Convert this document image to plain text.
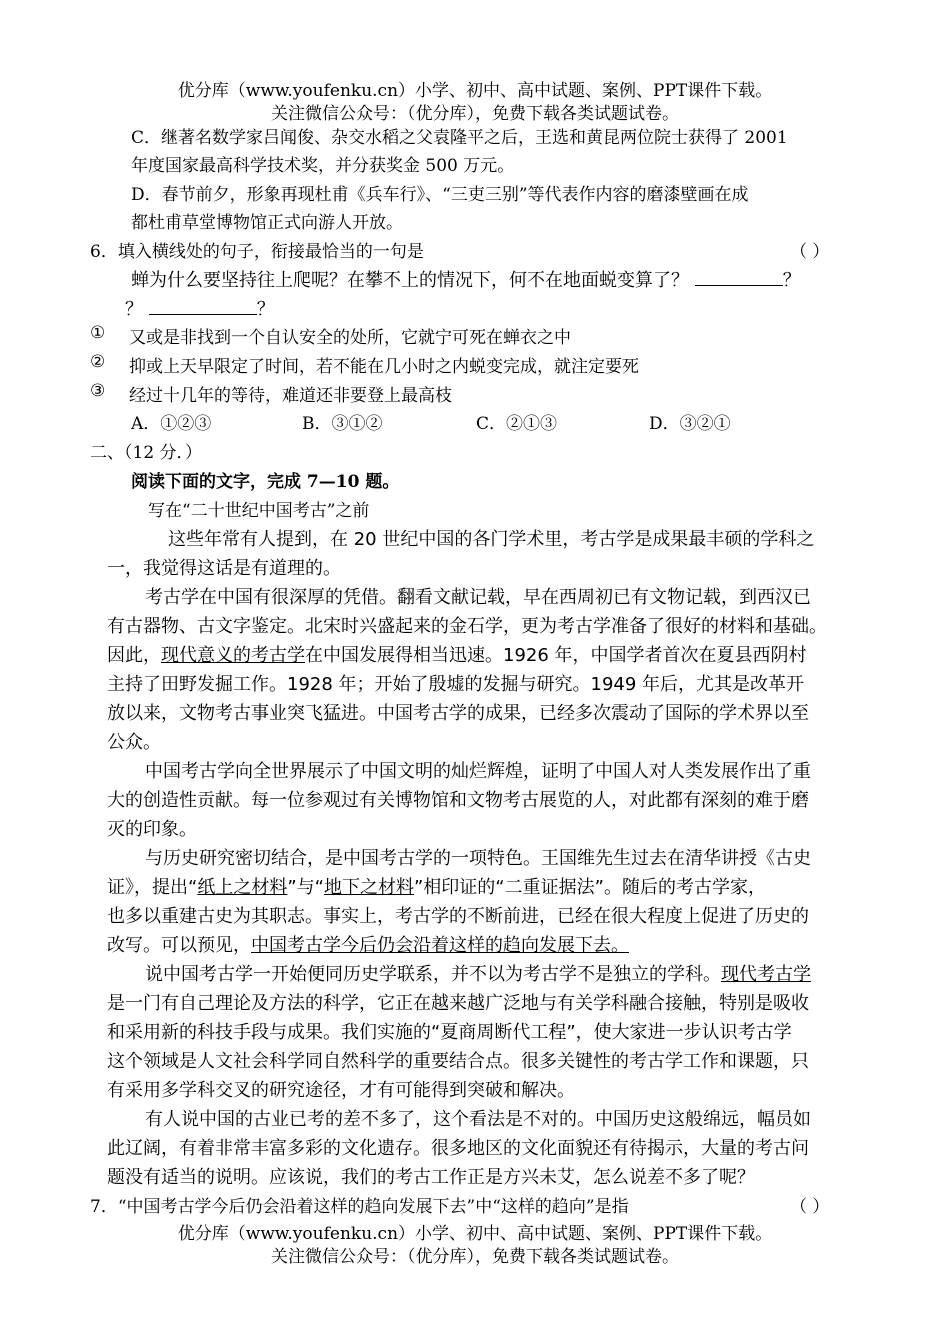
优分库（www.youfenku.cn）小学、初中、高中试题、案例、PPT课件下载。
关注微信公众号：（优分库），免费下载各类试题试卷。
C．继著名数学家吕闻俊、杂交水稻之父袁隆平之后，王选和黄昆两位院士获得了 2001
年度国家最高科学技术奖，并分获奖金 500 万元。
D．春节前夕，形象再现杜甫《兵车行》、“三吏三别”等代表作内容的磨漆壁画在成
都杜甫草堂博物馆正式向游人开放。
6．填入横线处的句子，衔接最恰当的一句是	（ ）
蝉为什么要坚持往上爬呢？在攀不上的情况下，何不在地面蜕变算了？	？
？	？
① 又或是非找到一个自认安全的处所，它就宁可死在蝉衣之中
② 抑或上天早限定了时间，若不能在几小时之内蜕变完成，就注定要死
③ 经过十几年的等待，难道还非要登上最高枝
A．①②③	B．③①②	C．②①③	D．③②①
二、（12 分．）
阅读下面的文字，完成 7—10 题。
写在“二十世纪中国考古”之前
这些年常有人提到，在 20 世纪中国的各门学术里，考古学是成果最丰硕的学科之
一，我觉得这话是有道理的。
考古学在中国有很深厚的凭借。翻看文献记载，早在西周初已有文物记载，到西汉已
有古器物、古文字鉴定。北宋时兴盛起来的金石学，更为考古学准备了很好的材料和基础。
因此，现代意义的考古学在中国发展得相当迅速。1926 年，中国学者首次在夏县西阴村
主持了田野发掘工作。1928 年；开始了殷墟的发掘与研究。1949 年后，尤其是改革开
放以来，文物考古事业突飞猛进。中国考古学的成果，已经多次震动了国际的学术界以至
公众。
中国考古学向全世界展示了中国文明的灿烂辉煌，证明了中国人对人类发展作出了重
大的创造性贡献。每一位参观过有关博物馆和文物考古展览的人，对此都有深刻的难于磨
灭的印象。
与历史研究密切结合，是中国考古学的一项特色。王国维先生过去在清华讲授《古史
证》，提出“纸上之材料”与“地下之材料”相印证的“二重证据法”。随后的考古学家，
也多以重建古史为其职志。事实上，考古学的不断前进，已经在很大程度上促进了历史的
改写。可以预见，中国考古学今后仍会沿着这样的趋向发展下去。
说中国考古学一开始便同历史学联系，并不以为考古学不是独立的学科。现代考古学
是一门有自己理论及方法的科学，它正在越来越广泛地与有关学科融合接触，特别是吸收
和采用新的科技手段与成果。我们实施的“夏商周断代工程”，使大家进一步认识考古学
这个领域是人文社会科学同自然科学的重要结合点。很多关键性的考古学工作和课题，只
有采用多学科交叉的研究途径，才有可能得到突破和解决。
有人说中国的古业已考的差不多了，这个看法是不对的。中国历史这般绵远，幅员如
此辽阔，有着非常丰富多彩的文化遗存。很多地区的文化面貌还有待揭示，大量的考古问
题没有适当的说明。应该说，我们的考古工作正是方兴未艾，怎么说差不多了呢？
7．“中国考古学今后仍会沿着这样的趋向发展下去”中“这样的趋向”是指	（ ）
优分库（www.youfenku.cn）小学、初中、高中试题、案例、PPT课件下载。
关注微信公众号：（优分库），免费下载各类试题试卷。
